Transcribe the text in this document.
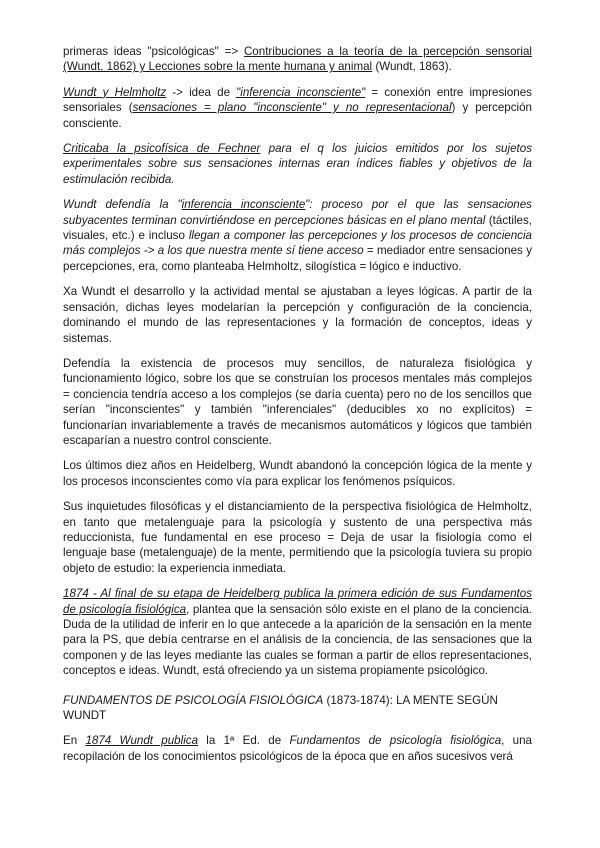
primeras ideas "psicológicas" => Contribuciones a la teoría de la percepción sensorial (Wundt, 1862) y Lecciones sobre la mente humana y animal (Wundt, 1863).
Wundt y Helmholtz -> idea de "inferencia inconsciente" = conexión entre impresiones sensoriales (sensaciones = plano "inconsciente" y no representacional) y percepción consciente.
Criticaba la psicofísica de Fechner para el q los juicios emitidos por los sujetos experimentales sobre sus sensaciones internas eran índices fiables y objetivos de la estimulación recibida.
Wundt defendía la "inferencia inconsciente": proceso por el que las sensaciones subyacentes terminan convirtiéndose en percepciones básicas en el plano mental (táctiles, visuales, etc.) e incluso llegan a componer las percepciones y los procesos de conciencia más complejos -> a los que nuestra mente sí tiene acceso = mediador entre sensaciones y percepciones, era, como planteaba Helmholtz, silogística = lógico e inductivo.
Xa Wundt el desarrollo y la actividad mental se ajustaban a leyes lógicas. A partir de la sensación, dichas leyes modelarían la percepción y configuración de la conciencia, dominando el mundo de las representaciones y la formación de conceptos, ideas y sistemas.
Defendía la existencia de procesos muy sencillos, de naturaleza fisiológica y funcionamiento lógico, sobre los que se construían los procesos mentales más complejos = conciencia tendría acceso a los complejos (se daría cuenta) pero no de los sencillos que serían "inconscientes" y también "inferenciales" (deducibles xo no explícitos) = funcionarían invariablemente a través de mecanismos automáticos y lógicos que también escaparían a nuestro control consciente.
Los últimos diez años en Heidelberg, Wundt abandonó la concepción lógica de la mente y los procesos inconscientes como vía para explicar los fenómenos psíquicos.
Sus inquietudes filosóficas y el distanciamiento de la perspectiva fisiológica de Helmholtz, en tanto que metalenguaje para la psicología y sustento de una perspectiva más reduccionista, fue fundamental en ese proceso = Deja de usar la fisiología como el lenguaje base (metalenguaje) de la mente, permitiendo que la psicología tuviera su propio objeto de estudio: la experiencia inmediata.
1874 - Al final de su etapa de Heidelberg publica la primera edición de sus Fundamentos de psicología fisiológica, plantea que la sensación sólo existe en el plano de la conciencia. Duda de la utilidad de inferir en lo que antecede a la aparición de la sensación en la mente para la PS, que debía centrarse en el análisis de la conciencia, de las sensaciones que la componen y de las leyes mediante las cuales se forman a partir de ellos representaciones, conceptos e ideas. Wundt, está ofreciendo ya un sistema propiamente psicológico.
FUNDAMENTOS DE PSICOLOGÍA FISIOLÓGICA (1873-1874): LA MENTE SEGÚN WUNDT
En 1874 Wundt publica la 1ª Ed. de Fundamentos de psicología fisiológica, una recopilación de los conocimientos psicológicos de la época que en años sucesivos verá
